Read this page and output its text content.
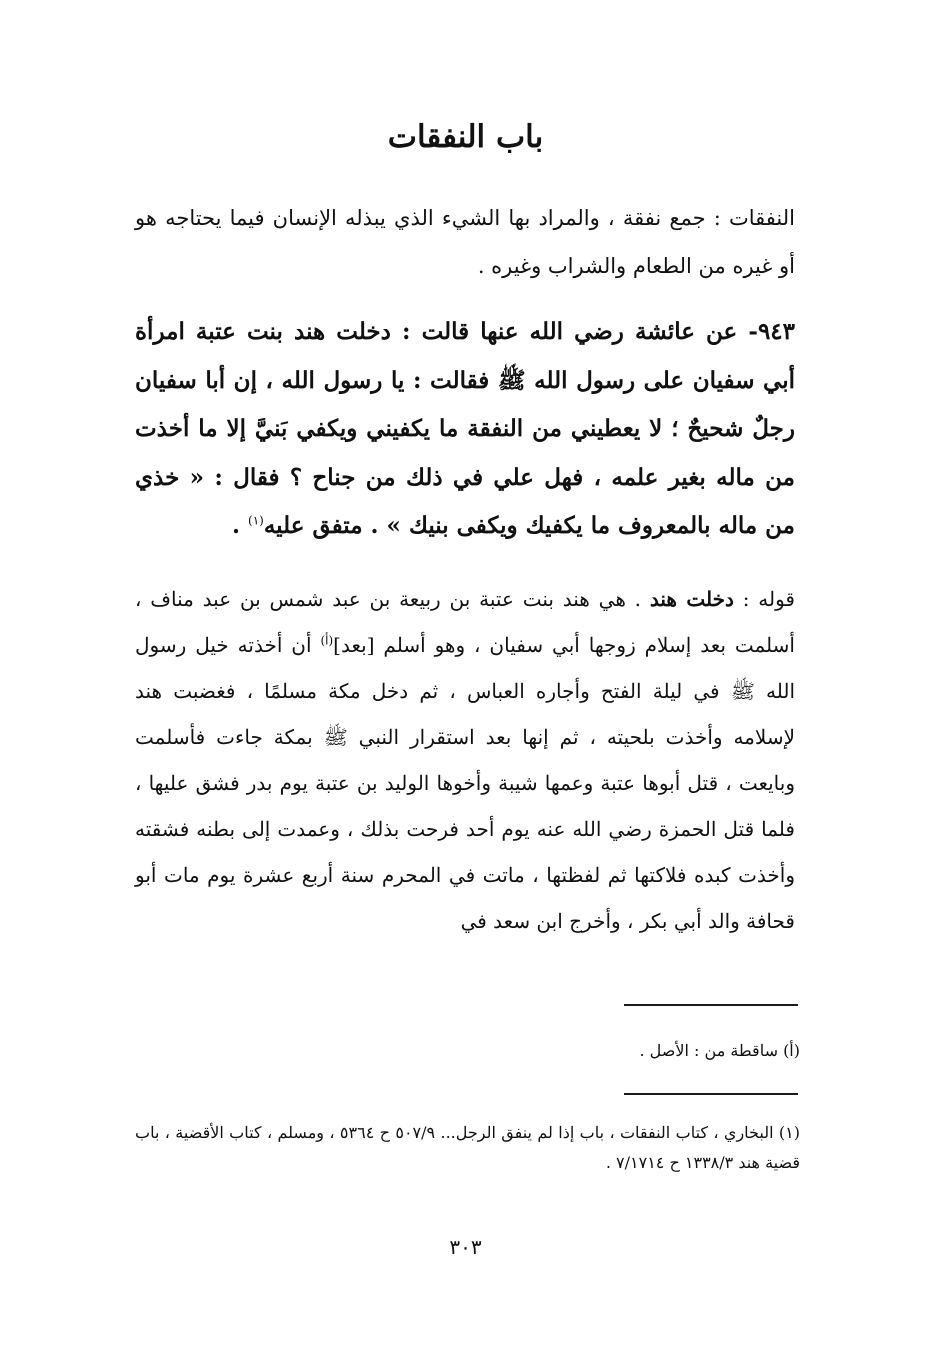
باب النفقات

النفقات : جمع نفقة ، والمراد بها الشيء الذي يبذله الإنسان فيما يحتاجه هو أو غيره من الطعام والشراب وغيره .

٩٤٣- عن عائشة رضي الله عنها قالت : دخلت هند بنت عتبة امرأة أبي سفيان على رسول الله ﷺ فقالت : يا رسول الله ، إن أبا سفيان رجلٌ شحيحٌ ؛ لا يعطيني من النفقة ما يكفيني ويكفي بَنيَّ إلا ما أخذت من ماله بغير علمه ، فهل علي في ذلك من جناح ؟ فقال : « خذي من ماله بالمعروف ما يكفيك ويكفى بنيك » . متفق عليه$^{(١)}$ .

قوله : دخلت هند . هي هند بنت عتبة بن ربيعة بن عبد شمس بن عبد مناف ، أسلمت بعد إسلام زوجها أبي سفيان ، وهو أسلم [بعد]$^{(أ)}$ أن أخذته خيل رسول الله ﷺ في ليلة الفتح وأجاره العباس ، ثم دخل مكة مسلمًا ، فغضبت هند لإسلامه وأخذت بلحيته ، ثم إنها بعد استقرار النبي ﷺ بمكة جاءت فأسلمت وبايعت ، قتل أبوها عتبة وعمها شيبة وأخوها الوليد بن عتبة يوم بدر فشق عليها ، فلما قتل الحمزة رضي الله عنه يوم أحد فرحت بذلك ، وعمدت إلى بطنه فشقته وأخذت كبده فلاكتها ثم لفظتها ، ماتت في المحرم سنة أربع عشرة يوم مات أبو قحافة والد أبي بكر ، وأخرج ابن سعد في

(أ) ساقطة من : الأصل .
(١) البخاري ، كتاب النفقات ، باب إذا لم ينفق الرجل... ٥٠٧/٩ ح ٥٣٦٤ ، ومسلم ، كتاب الأقضية ، باب قضية هند ١٣٣٨/٣ ح ٧/١٧١٤ .
٣٠٣
